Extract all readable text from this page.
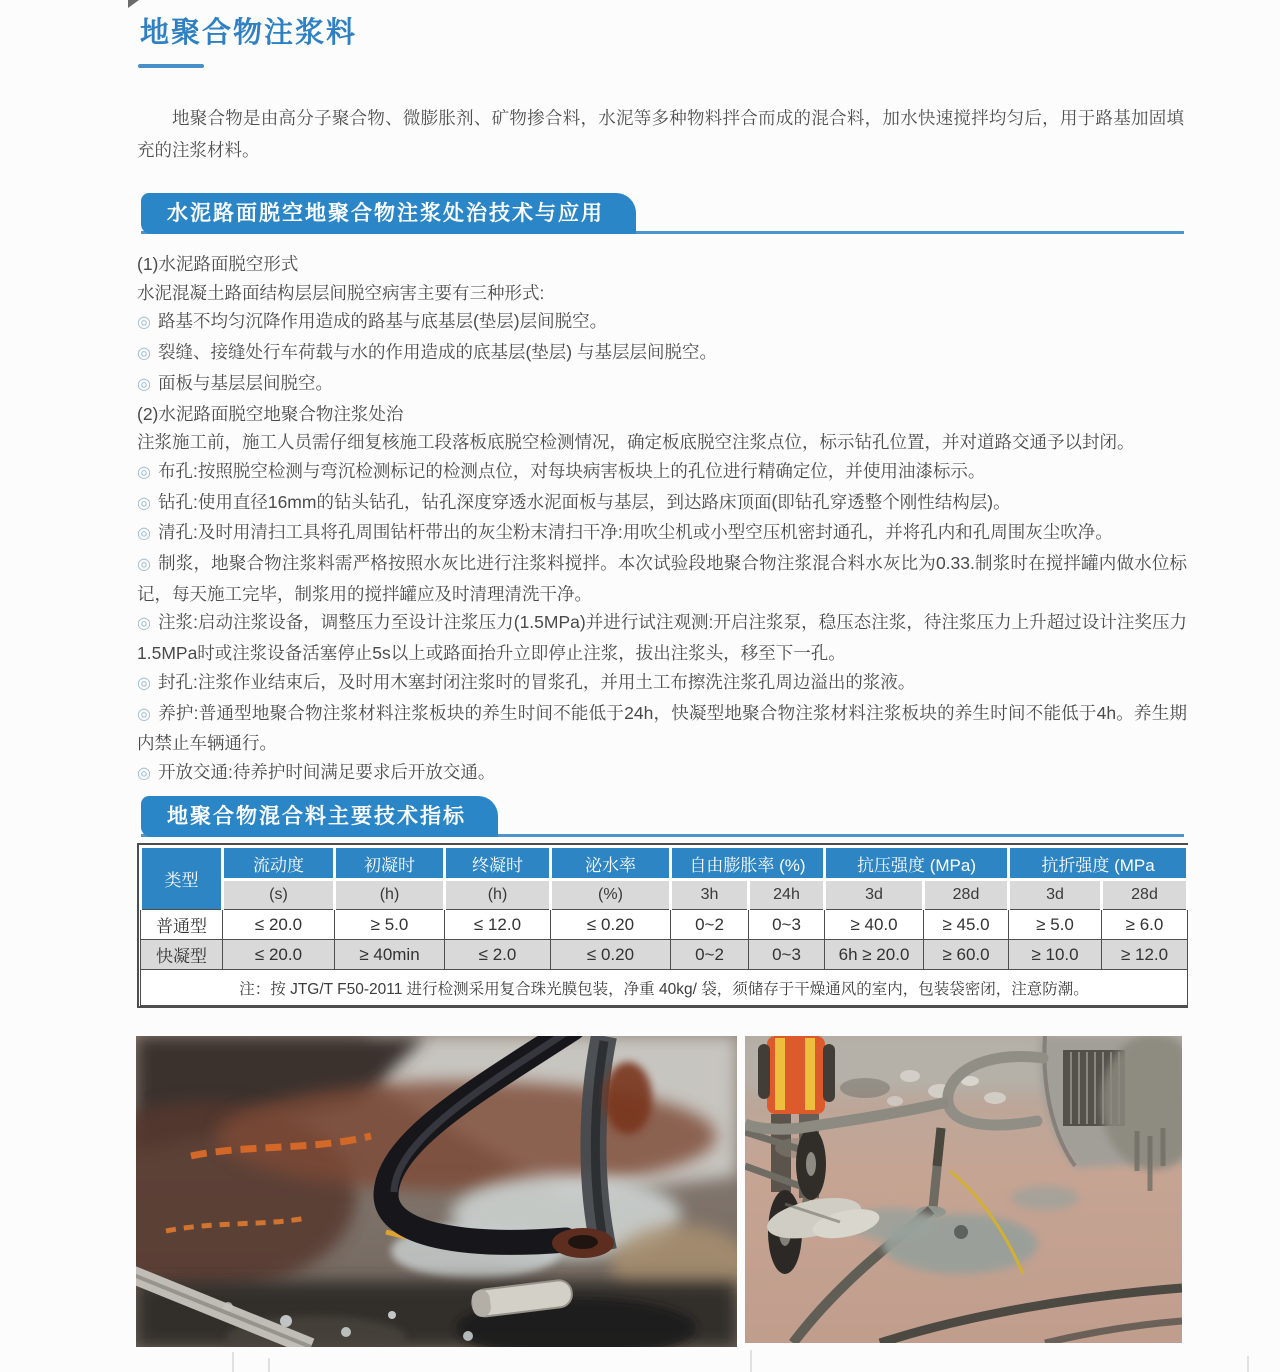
地聚合物注浆料
地聚合物是由高分子聚合物、微膨胀剂、矿物掺合料，水泥等多种物料拌合而成的混合料，加水快速搅拌均匀后，用于路基加固填充的注浆材料。
水泥路面脱空地聚合物注浆处治技术与应用

(1)水泥路面脱空形式

水泥混凝土路面结构层层间脱空病害主要有三种形式:

◎ 路基不均匀沉降作用造成的路基与底基层(垫层)层间脱空。

◎ 裂缝、接缝处行车荷载与水的作用造成的底基层(垫层) 与基层层间脱空。

◎ 面板与基层层间脱空。

(2)水泥路面脱空地聚合物注浆处治

注浆施工前，施工人员需仔细复核施工段落板底脱空检测情况，确定板底脱空注浆点位，标示钻孔位置，并对道路交通予以封闭。

◎ 布孔:按照脱空检测与弯沉检测标记的检测点位，对每块病害板块上的孔位进行精确定位，并使用油漆标示。

◎ 钻孔:使用直径16mm的钻头钻孔，钻孔深度穿透水泥面板与基层，到达路床顶面(即钻孔穿透整个刚性结构层)。

◎ 清孔:及时用清扫工具将孔周围钻杆带出的灰尘粉末清扫干净:用吹尘机或小型空压机密封通孔，并将孔内和孔周围灰尘吹净。

◎ 制浆，地聚合物注浆料需严格按照水灰比进行注浆料搅拌。本次试验段地聚合物注浆混合料水灰比为0.33.制浆时在搅拌罐内做水位标记，每天施工完毕，制浆用的搅拌罐应及时清理清洗干净。

◎ 注浆:启动注浆设备，调整压力至设计注浆压力(1.5MPa)并进行试注观测:开启注浆泵，稳压态注浆，待注浆压力上升超过设计注奖压力1.5MPa时或注浆设备活塞停止5s以上或路面抬升立即停止注浆，拔出注浆头，移至下一孔。

◎ 封孔:注浆作业结束后，及时用木塞封闭注浆时的冒浆孔，并用土工布擦洗注浆孔周边溢出的浆液。

◎ 养护:普通型地聚合物注浆材料注浆板块的养生时间不能低于24h，快凝型地聚合物注浆材料注浆板块的养生时间不能低于4h。养生期内禁止车辆通行。

◎ 开放交通:待养护时间满足要求后开放交通。

地聚合物混合料主要技术指标
类型	流动度	初凝时	终凝时	泌水率	自由膨胀率 (%)		抗压强度 (MPa)		抗折强度 (MPa	
	(s)	(h)	(h)	(%)	3h	24h	3d	28d	3d	28d
普通型	≤ 20.0	≥ 5.0	≤ 12.0	≤ 0.20	0~2	0~3	≥ 40.0	≥ 45.0	≥ 5.0	≥ 6.0
快凝型	≤ 20.0	≥ 40min	≤ 2.0	≤ 0.20	0~2	0~3	6h ≥ 20.0	≥ 60.0	≥ 10.0	≥ 12.0
注：按 JTG/T F50-2011 进行检测采用复合珠光膜包装，净重 40kg/ 袋，须储存于干燥通风的室内，包装袋密闭，注意防潮。										
